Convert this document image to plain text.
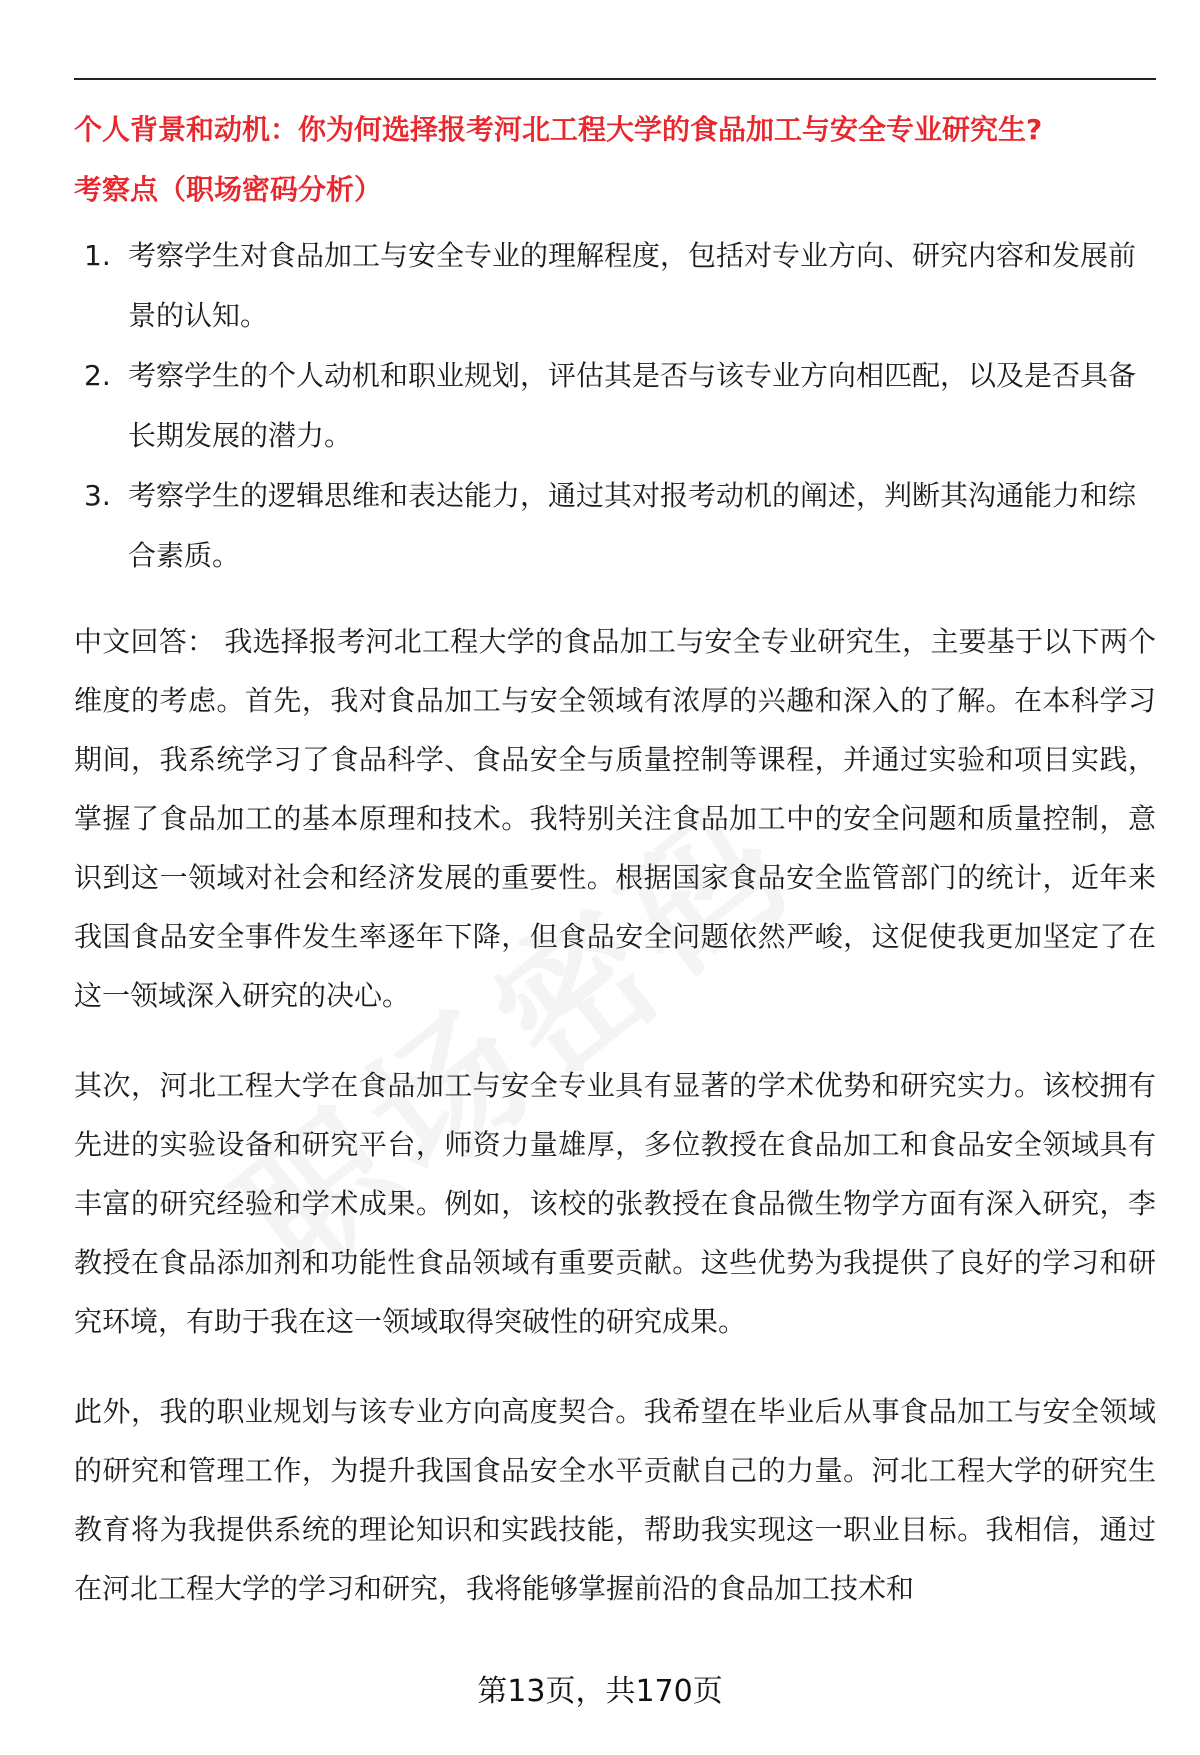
个人背景和动机：你为何选择报考河北工程大学的食品加工与安全专业研究生?
考察点（职场密码分析）
1. 考察学生对食品加工与安全专业的理解程度，包括对专业方向、研究内容和发展前景的认知。
2. 考察学生的个人动机和职业规划，评估其是否与该专业方向相匹配，以及是否具备长期发展的潜力。
3. 考察学生的逻辑思维和表达能力，通过其对报考动机的阐述，判断其沟通能力和综合素质。

中文回答： 我选择报考河北工程大学的食品加工与安全专业研究生，主要基于以下两个维度的考虑。首先，我对食品加工与安全领域有浓厚的兴趣和深入的了解。在本科学习期间，我系统学习了食品科学、食品安全与质量控制等课程，并通过实验和项目实践，掌握了食品加工的基本原理和技术。我特别关注食品加工中的安全问题和质量控制，意识到这一领域对社会和经济发展的重要性。根据国家食品安全监管部门的统计，近年来我国食品安全事件发生率逐年下降，但食品安全问题依然严峻，这促使我更加坚定了在这一领域深入研究的决心。

其次，河北工程大学在食品加工与安全专业具有显著的学术优势和研究实力。该校拥有先进的实验设备和研究平台，师资力量雄厚，多位教授在食品加工和食品安全领域具有丰富的研究经验和学术成果。例如，该校的张教授在食品微生物学方面有深入研究，李教授在食品添加剂和功能性食品领域有重要贡献。这些优势为我提供了良好的学习和研究环境，有助于我在这一领域取得突破性的研究成果。

此外，我的职业规划与该专业方向高度契合。我希望在毕业后从事食品加工与安全领域的研究和管理工作，为提升我国食品安全水平贡献自己的力量。河北工程大学的研究生教育将为我提供系统的理论知识和实践技能，帮助我实现这一职业目标。我相信，通过在河北工程大学的学习和研究，我将能够掌握前沿的食品加工技术和

第13页，共170页
